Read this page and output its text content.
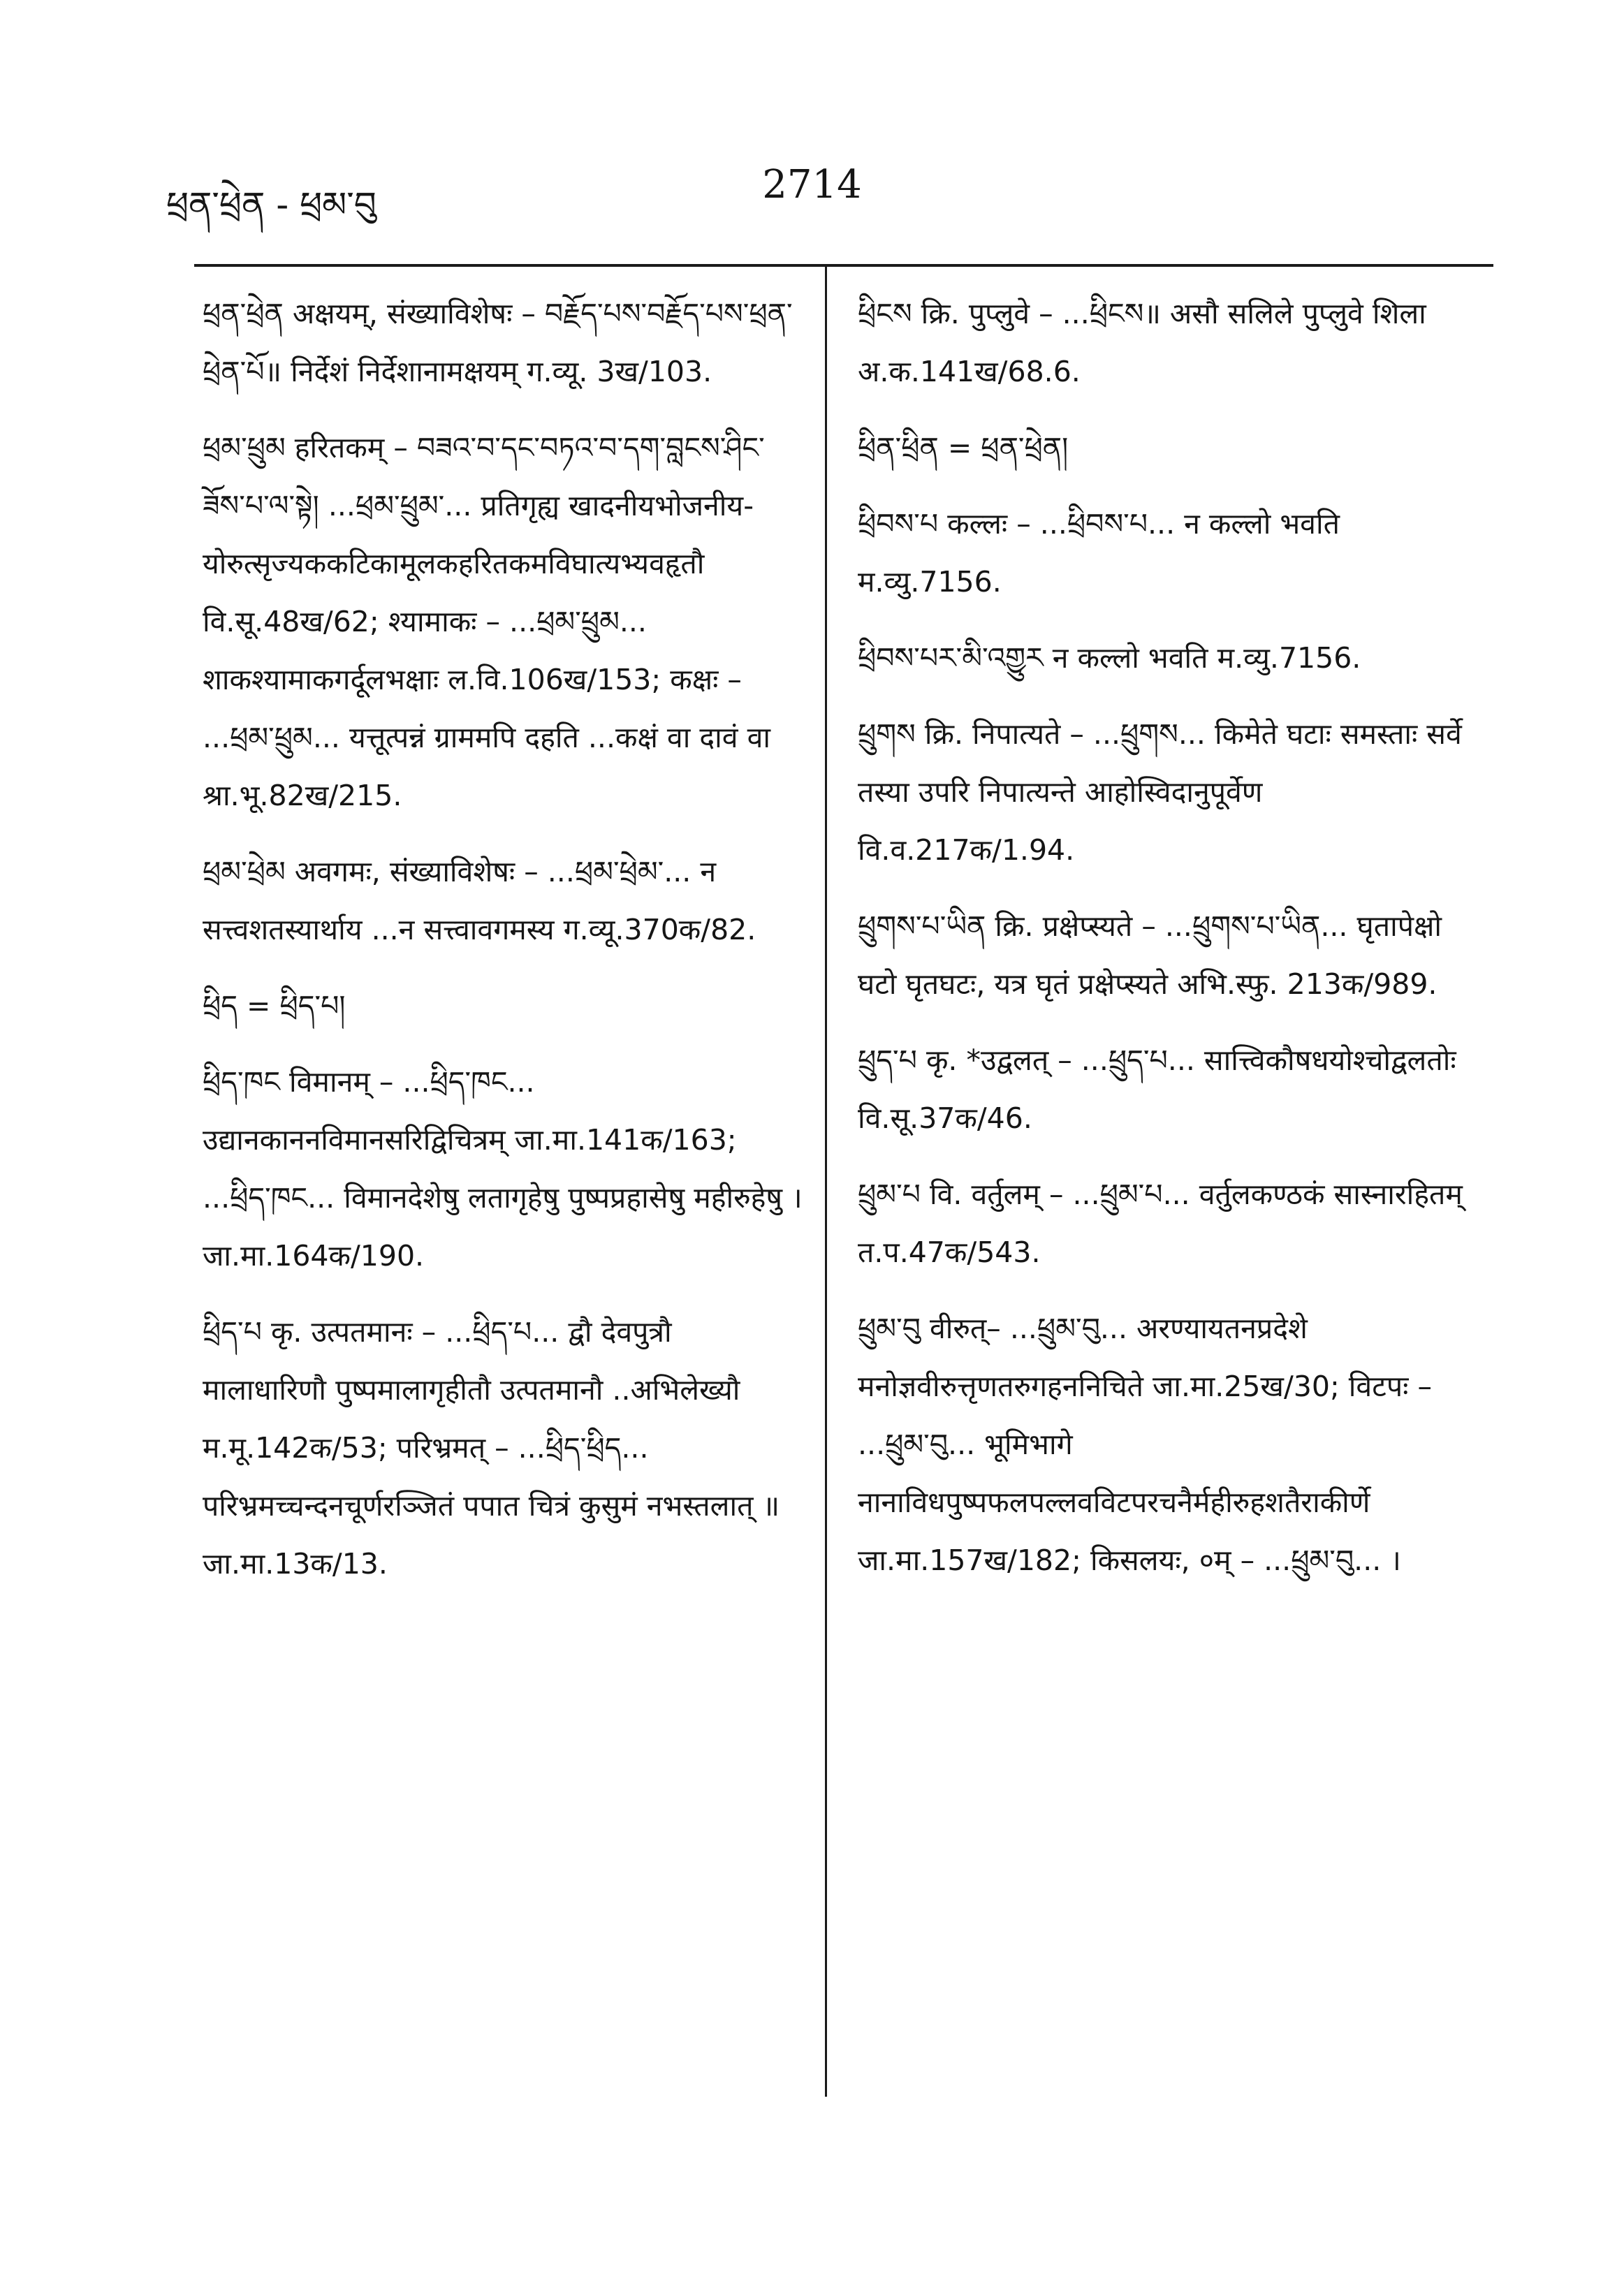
ཕྲན་ཕྲེན - ཕྲམ་བུ	2714
ཕྲན་ཕྲེན अक्षयम्, संख्याविशेषः – བརྗོད་པས་བརྗོད་པས་ཕྲན་ཕྲེན་པོ॥ निर्देशं निर्देशानामक्षयम् ग.व्यू. 3ख/103.
ཕྲམ་ཕྲུམ हरितकम् – བཟའ་བ་དང་བཏའ་བ་དག་བླངས་ཤིང་ཟོས་པ་ལ་སྟེ། ...ཕྲམ་ཕྲུམ་... प्रतिगृह्य खादनीयभोजनीय-योरुत्सृज्यककटिकामूलकहरितकमविघात्यभ्यवहृतौ वि.सू.48ख/62; श्यामाकः – ...ཕྲམ་ཕྲུམ... शाकश्यामाकगर्दूलभक्षाः ल.वि.106ख/153; कक्षः – ...ཕྲམ་ཕྲུམ... यत्तूत्पन्नं ग्राममपि दहति ...कक्षं वा दावं वा श्रा.भू.82ख/215.
ཕྲམ་ཕྲེམ अवगमः, संख्याविशेषः – ...ཕྲམ་ཕྲེམ་... न सत्त्वशतस्यार्थाय ...न सत्त्वावगमस्य ग.व्यू.370क/82.
ཕྲིད = ཕྲིད་པ།
ཕྲིད་ཁང विमानम् – ...ཕྲིད་ཁང... उद्यानकाननविमानसरिद्विचित्रम् जा.मा.141क/163; ...ཕྲིད་ཁང... विमानदेशेषु लतागृहेषु पुष्पप्रहासेषु महीरुहेषु । जा.मा.164क/190.
ཕྲིད་པ कृ. उत्पतमानः – ...ཕྲིད་པ... द्वौ देवपुत्रौ मालाधारिणौ पुष्पमालागृहीतौ उत्पतमानौ ..अभिलेख्यौ म.मू.142क/53; परिभ्रमत् – ...ཕྲིད་ཕྲིད... परिभ्रमच्चन्दनचूर्णरञ्जितं पपात चित्रं कुसुमं नभस्तलात् ॥ जा.मा.13क/13.
ཕྲིངས क्रि. पुप्लुवे – ...ཕྲིངས॥ असौ सलिले पुप्लुवे शिला अ.क.141ख/68.6.
ཕྲིན་ཕྲིན = ཕྲན་ཕྲེན།
ཕྲིབས་པ कल्लः – ...ཕྲིབས་པ... न कल्लो भवति म.व्यु.7156.
ཕྲིབས་པར་མི་འགྱུར न कल्लो भवति म.व्यु.7156.
ཕྲུགས क्रि. निपात्यते – ...ཕྲུགས... किमेते घटाः समस्ताः सर्वे तस्या उपरि निपात्यन्ते आहोस्विदानुपूर्वेण वि.व.217क/1.94.
ཕྲུགས་པ་ཡིན क्रि. प्रक्षेप्स्यते – ...ཕྲུགས་པ་ཡིན... घृतापेक्षो घटो घृतघटः, यत्र घृतं प्रक्षेप्स्यते अभि.स्फु. 213क/989.
ཕྲུད་པ कृ. *उद्वलत् – ...ཕྲུད་པ... सात्त्विकौषधयोश्चोद्वलतोः वि.सू.37क/46.
ཕྲུམ་པ वि. वर्तुलम् – ...ཕྲུམ་པ... वर्तुलकण्ठकं सास्नारहितम् त.प.47क/543.
ཕྲུམ་བུ वीरुत्– ...ཕྲུམ་བུ... अरण्यायतनप्रदेशे मनोज्ञवीरुत्तृणतरुगहननिचिते जा.मा.25ख/30; विटपः – ...ཕྲུམ་བུ... भूमिभागे नानाविधपुष्पफलपल्लवविटपरचनैर्महीरुहशतैराकीर्णे जा.मा.157ख/182; किसलयः, ०म् – ...ཕྲུམ་བུ... ।
